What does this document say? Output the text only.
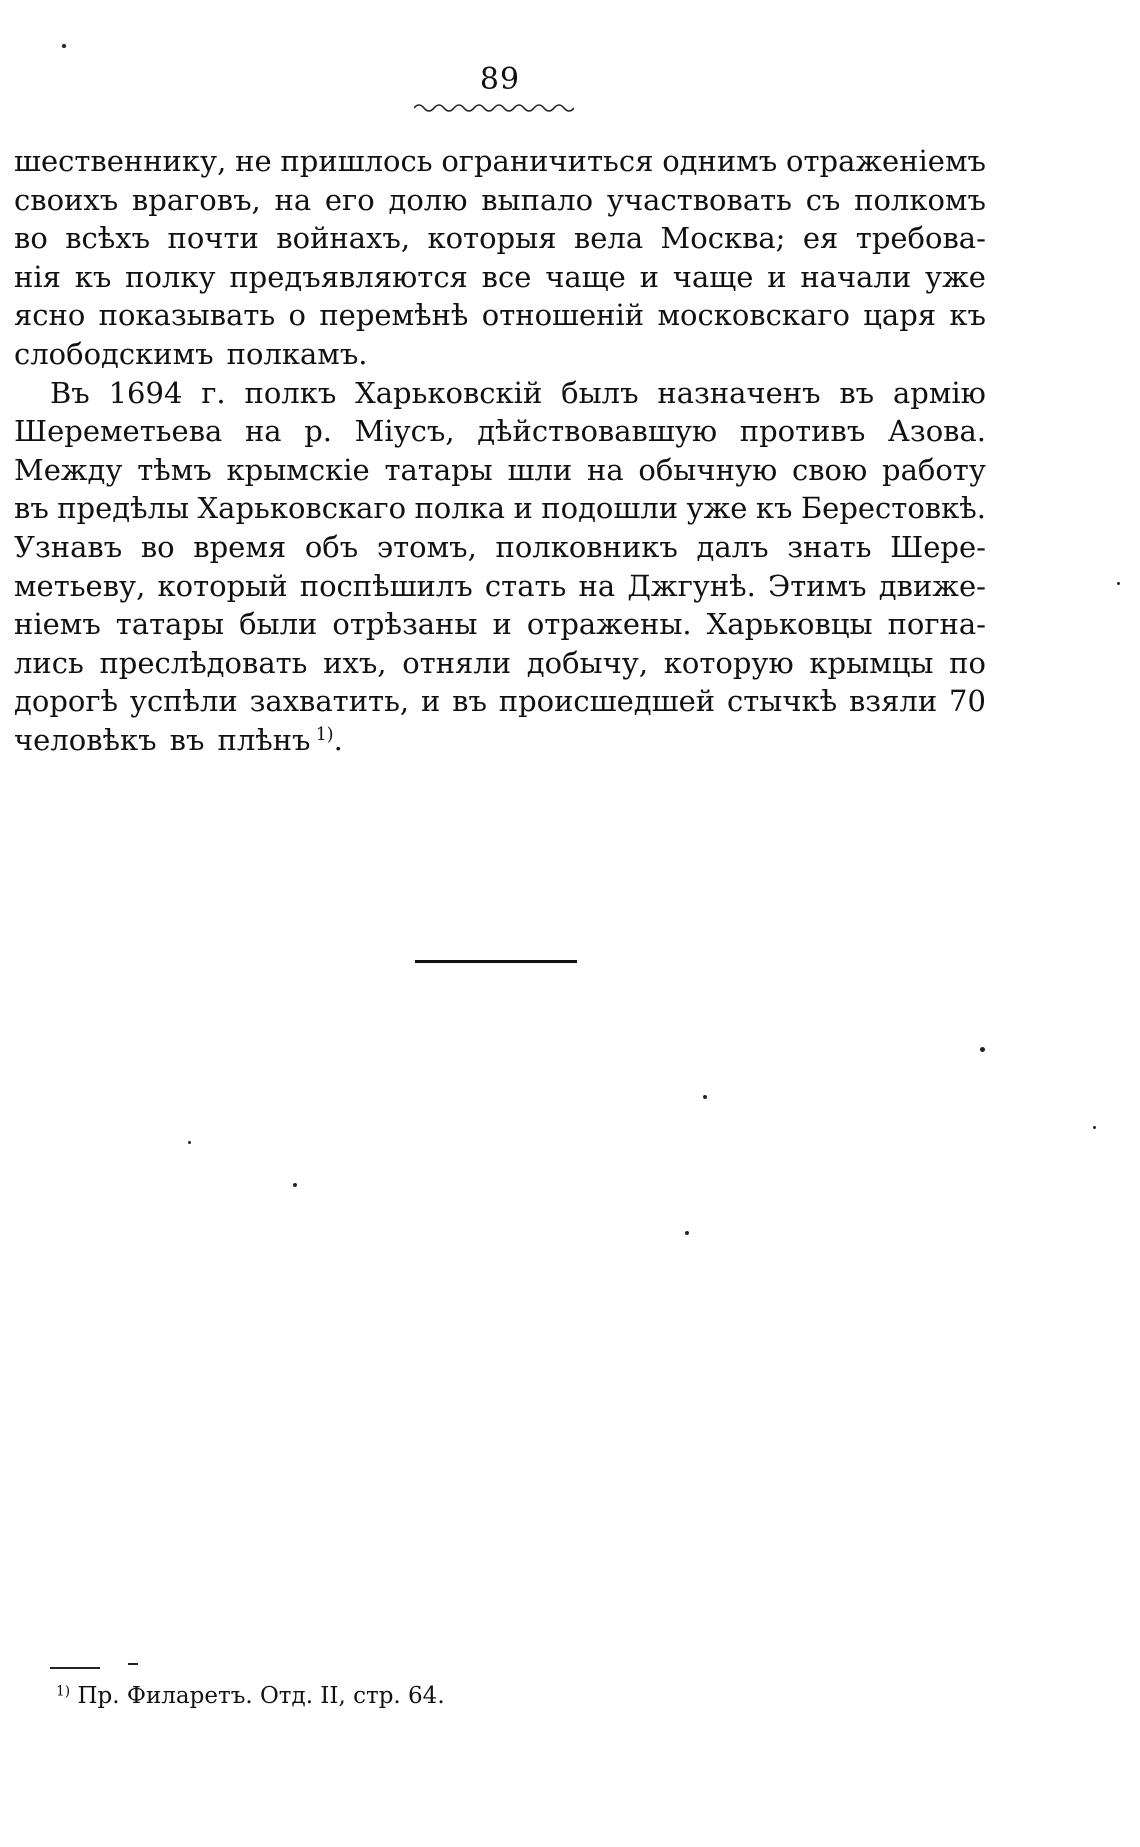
89
шественнику, не пришлось ограничиться однимъ отраженіемъ
своихъ враговъ, на его долю выпало участвовать съ полкомъ
во всѣхъ почти войнахъ, которыя вела Москва; ея требова-
нія къ полку предъявляются все чаще и чаще и начали уже
ясно показывать о перемѣнѣ отношеній московскаго царя къ
слободскимъ полкамъ.
Въ 1694 г. полкъ Харьковскій былъ назначенъ въ армію
Шереметьева на р. Міусъ, дѣйствовавшую противъ Азова.
Между тѣмъ крымскіе татары шли на обычную свою работу
въ предѣлы Харьковскаго полка и подошли уже къ Берестовкѣ.
Узнавъ во время объ этомъ, полковникъ далъ знать Шере-
метьеву, который поспѣшилъ стать на Джгунѣ. Этимъ движе-
ніемъ татары были отрѣзаны и отражены. Харьковцы погна-
лись преслѣдовать ихъ, отняли добычу, которую крымцы по
дорогѣ успѣли захватить, и въ происшедшей стычкѣ взяли 70
человѣкъ въ плѣнъ $^{1)}$.
$^{1)}$ Пр. Филаретъ. Отд. II, стр. 64.
